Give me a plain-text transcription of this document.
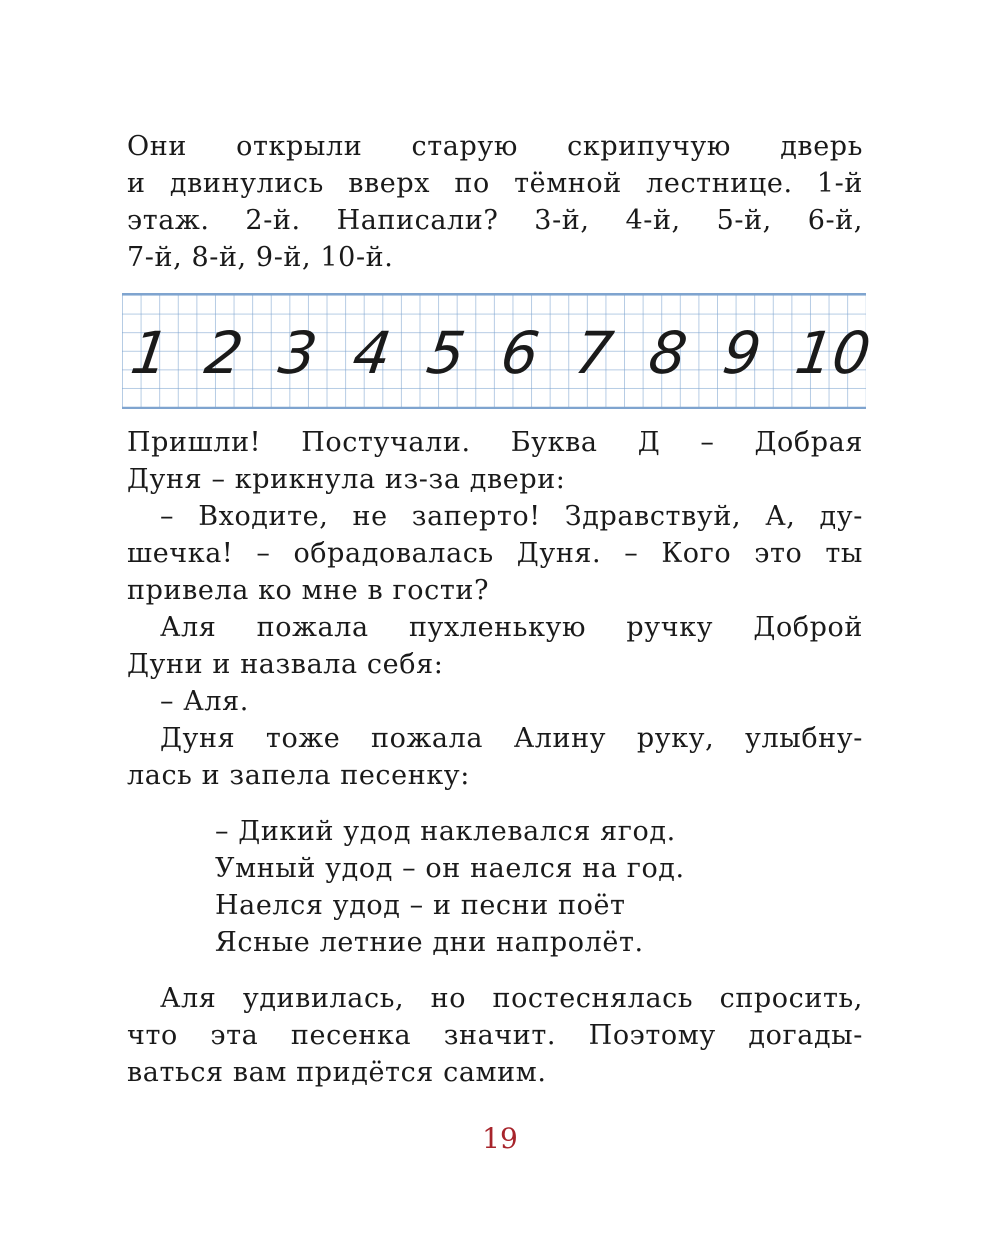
Они открыли старую скрипучую дверь
и двинулись вверх по тёмной лестнице. 1-й
этаж. 2-й. Написали? 3-й, 4-й, 5-й, 6-й,
7-й, 8-й, 9-й, 10-й.
1 2 3 4 5 6 7 8 9 10
Пришли! Постучали. Буква Д – Добрая
Дуня – крикнула из-за двери:
– Входите, не заперто! Здравствуй, А, ду-
шечка! – обрадовалась Дуня. – Кого это ты
привела ко мне в гости?
Аля пожала пухленькую ручку Доброй
Дуни и назвала себя:
– Аля.
Дуня тоже пожала Алину руку, улыбну-
лась и запела песенку:
– Дикий удод наклевался ягод.
Умный удод – он наелся на год.
Наелся удод – и песни поёт
Ясные летние дни напролёт.
Аля удивилась, но постеснялась спросить,
что эта песенка значит. Поэтому догады-
ваться вам придётся самим.
19
